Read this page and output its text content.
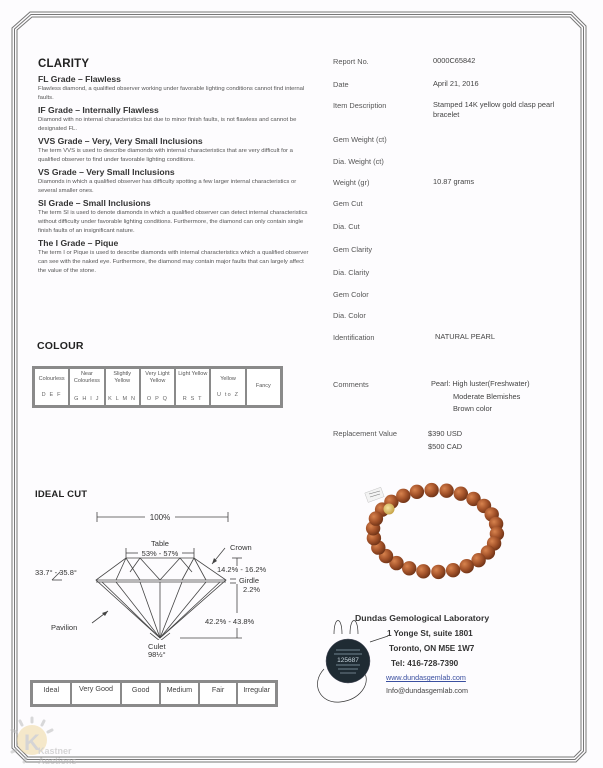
CLARITY
FL Grade – Flawless

Flawless diamond, a qualified observer working under favorable lighting conditions cannot find internal faults.

IF Grade – Internally Flawless

Diamond with no internal characteristics but due to minor finish faults, is not flawless and cannot be designated FL.

VVS Grade – Very, Very Small Inclusions

The term VVS is used to describe diamonds with internal characteristics that are very difficult for a qualified observer to find under favorable lighting conditions.

VS Grade – Very Small Inclusions

Diamonds in which a qualified observer has difficulty spotting a few larger internal characteristics or several smaller ones.

SI Grade – Small Inclusions

The term SI is used to denote diamonds in which a qualified observer can detect internal characteristics without difficulty under favorable lighting conditions. Furthermore, the diamond can only contain single finish faults of an insignificant nature.

The I Grade – Pique

The term I or Pique is used to describe diamonds with internal characteristics which a qualified observer can see with the naked eye. Furthermore, the diamond may contain major faults that can largely affect the value of the stone.

COLOUR
Colourless
D E F
Near Colourless
G H I J
Slightly Yellow
K L M N
Very Light Yellow
O P Q
Light Yellow
R S T
Yellow
U to Z
Fancy
Report No.	0000C65842
Date	April 21, 2016
Item Description	Stamped 14K yellow gold clasp pearl bracelet
Gem Weight (ct)
Dia. Weight (ct)
Weight (gr)	10.87 grams
Gem Cut
Dia. Cut
Gem Clarity
Dia. Clarity
Gem Color
Dia. Color
Identification	NATURAL PEARL
Comments	Pearl: High luster(Freshwater)
Moderate Blemishes
Brown color
Replacement Value	$390 USD
$500 CAD
IDEAL CUT
100%
Table
53% - 57%
Crown
33.7° - 35.8°	14.2% - 16.2%
Girdle
2.2%
42.2% - 43.8%
Pavilion
Culet
98½°
Ideal	Very Good	Good	Medium	Fair	Irregular
125687
Dundas Gemological Laboratory
1 Yonge St, suite 1801
Toronto, ON M5E 1W7
Tel: 416-728-7390
www.dundasgemlab.com
Info@dundasgemlab.com
K
Kastner
Auctions
